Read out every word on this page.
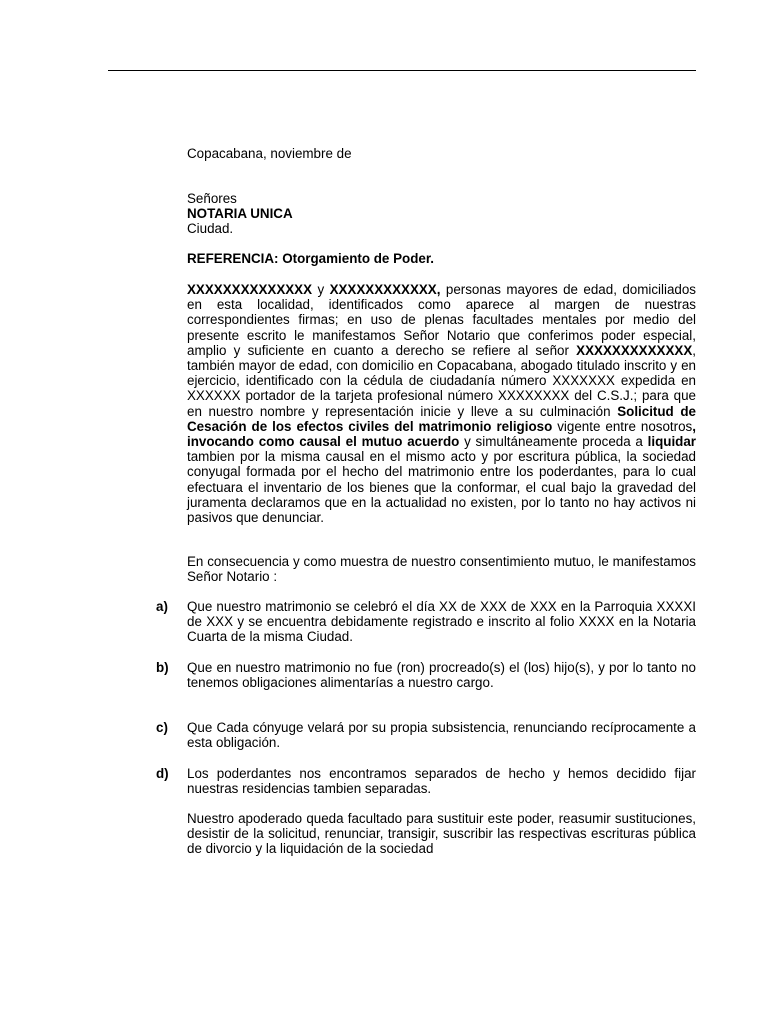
Copacabana, noviembre de

Señores

NOTARIA UNICA

Ciudad.

REFERENCIA: Otorgamiento de Poder.

XXXXXXXXXXXXXX y XXXXXXXXXXXX, personas mayores de edad, domiciliados en esta localidad, identificados como aparece al margen de nuestras correspondientes firmas; en uso de plenas facultades mentales por medio del presente escrito le manifestamos Señor Notario que conferimos poder especial, amplio y suficiente en cuanto a derecho se refiere al señor XXXXXXXXXXXXX, también mayor de edad, con domicilio en Copacabana, abogado titulado inscrito y en ejercicio, identificado con la cédula de ciudadanía número XXXXXXX expedida en XXXXXX portador de la tarjeta profesional número XXXXXXXX del C.S.J.; para que en nuestro nombre y representación inicie y lleve a su culminación Solicitud de Cesación de los efectos civiles del matrimonio religioso vigente entre nosotros, invocando como causal el mutuo acuerdo y simultáneamente proceda a liquidar tambien por la misma causal en el mismo acto y por escritura pública, la sociedad conyugal formada por el hecho del matrimonio entre los poderdantes, para lo cual efectuara el inventario de los bienes que la conformar, el cual bajo la gravedad del juramenta declaramos que en la actualidad no existen, por lo tanto no hay activos ni pasivos que denunciar.

En consecuencia y como muestra de nuestro consentimiento mutuo, le manifestamos Señor Notario :

a) Que nuestro matrimonio se celebró el día XX de XXX de XXX en la Parroquia XXXXI de XXX y se encuentra debidamente registrado e inscrito al folio XXXX en la Notaria Cuarta de la misma Ciudad.

b) Que en nuestro matrimonio no fue (ron) procreado(s) el (los) hijo(s), y por lo tanto no tenemos obligaciones alimentarías a nuestro cargo.

c) Que Cada cónyuge velará por su propia subsistencia, renunciando recíprocamente a esta obligación.

d) Los poderdantes nos encontramos separados de hecho y hemos decidido fijar nuestras residencias tambien separadas.

Nuestro apoderado queda facultado para sustituir este poder, reasumir sustituciones, desistir de la solicitud, renunciar, transigir, suscribir las respectivas escrituras pública de divorcio y la liquidación de la sociedad
